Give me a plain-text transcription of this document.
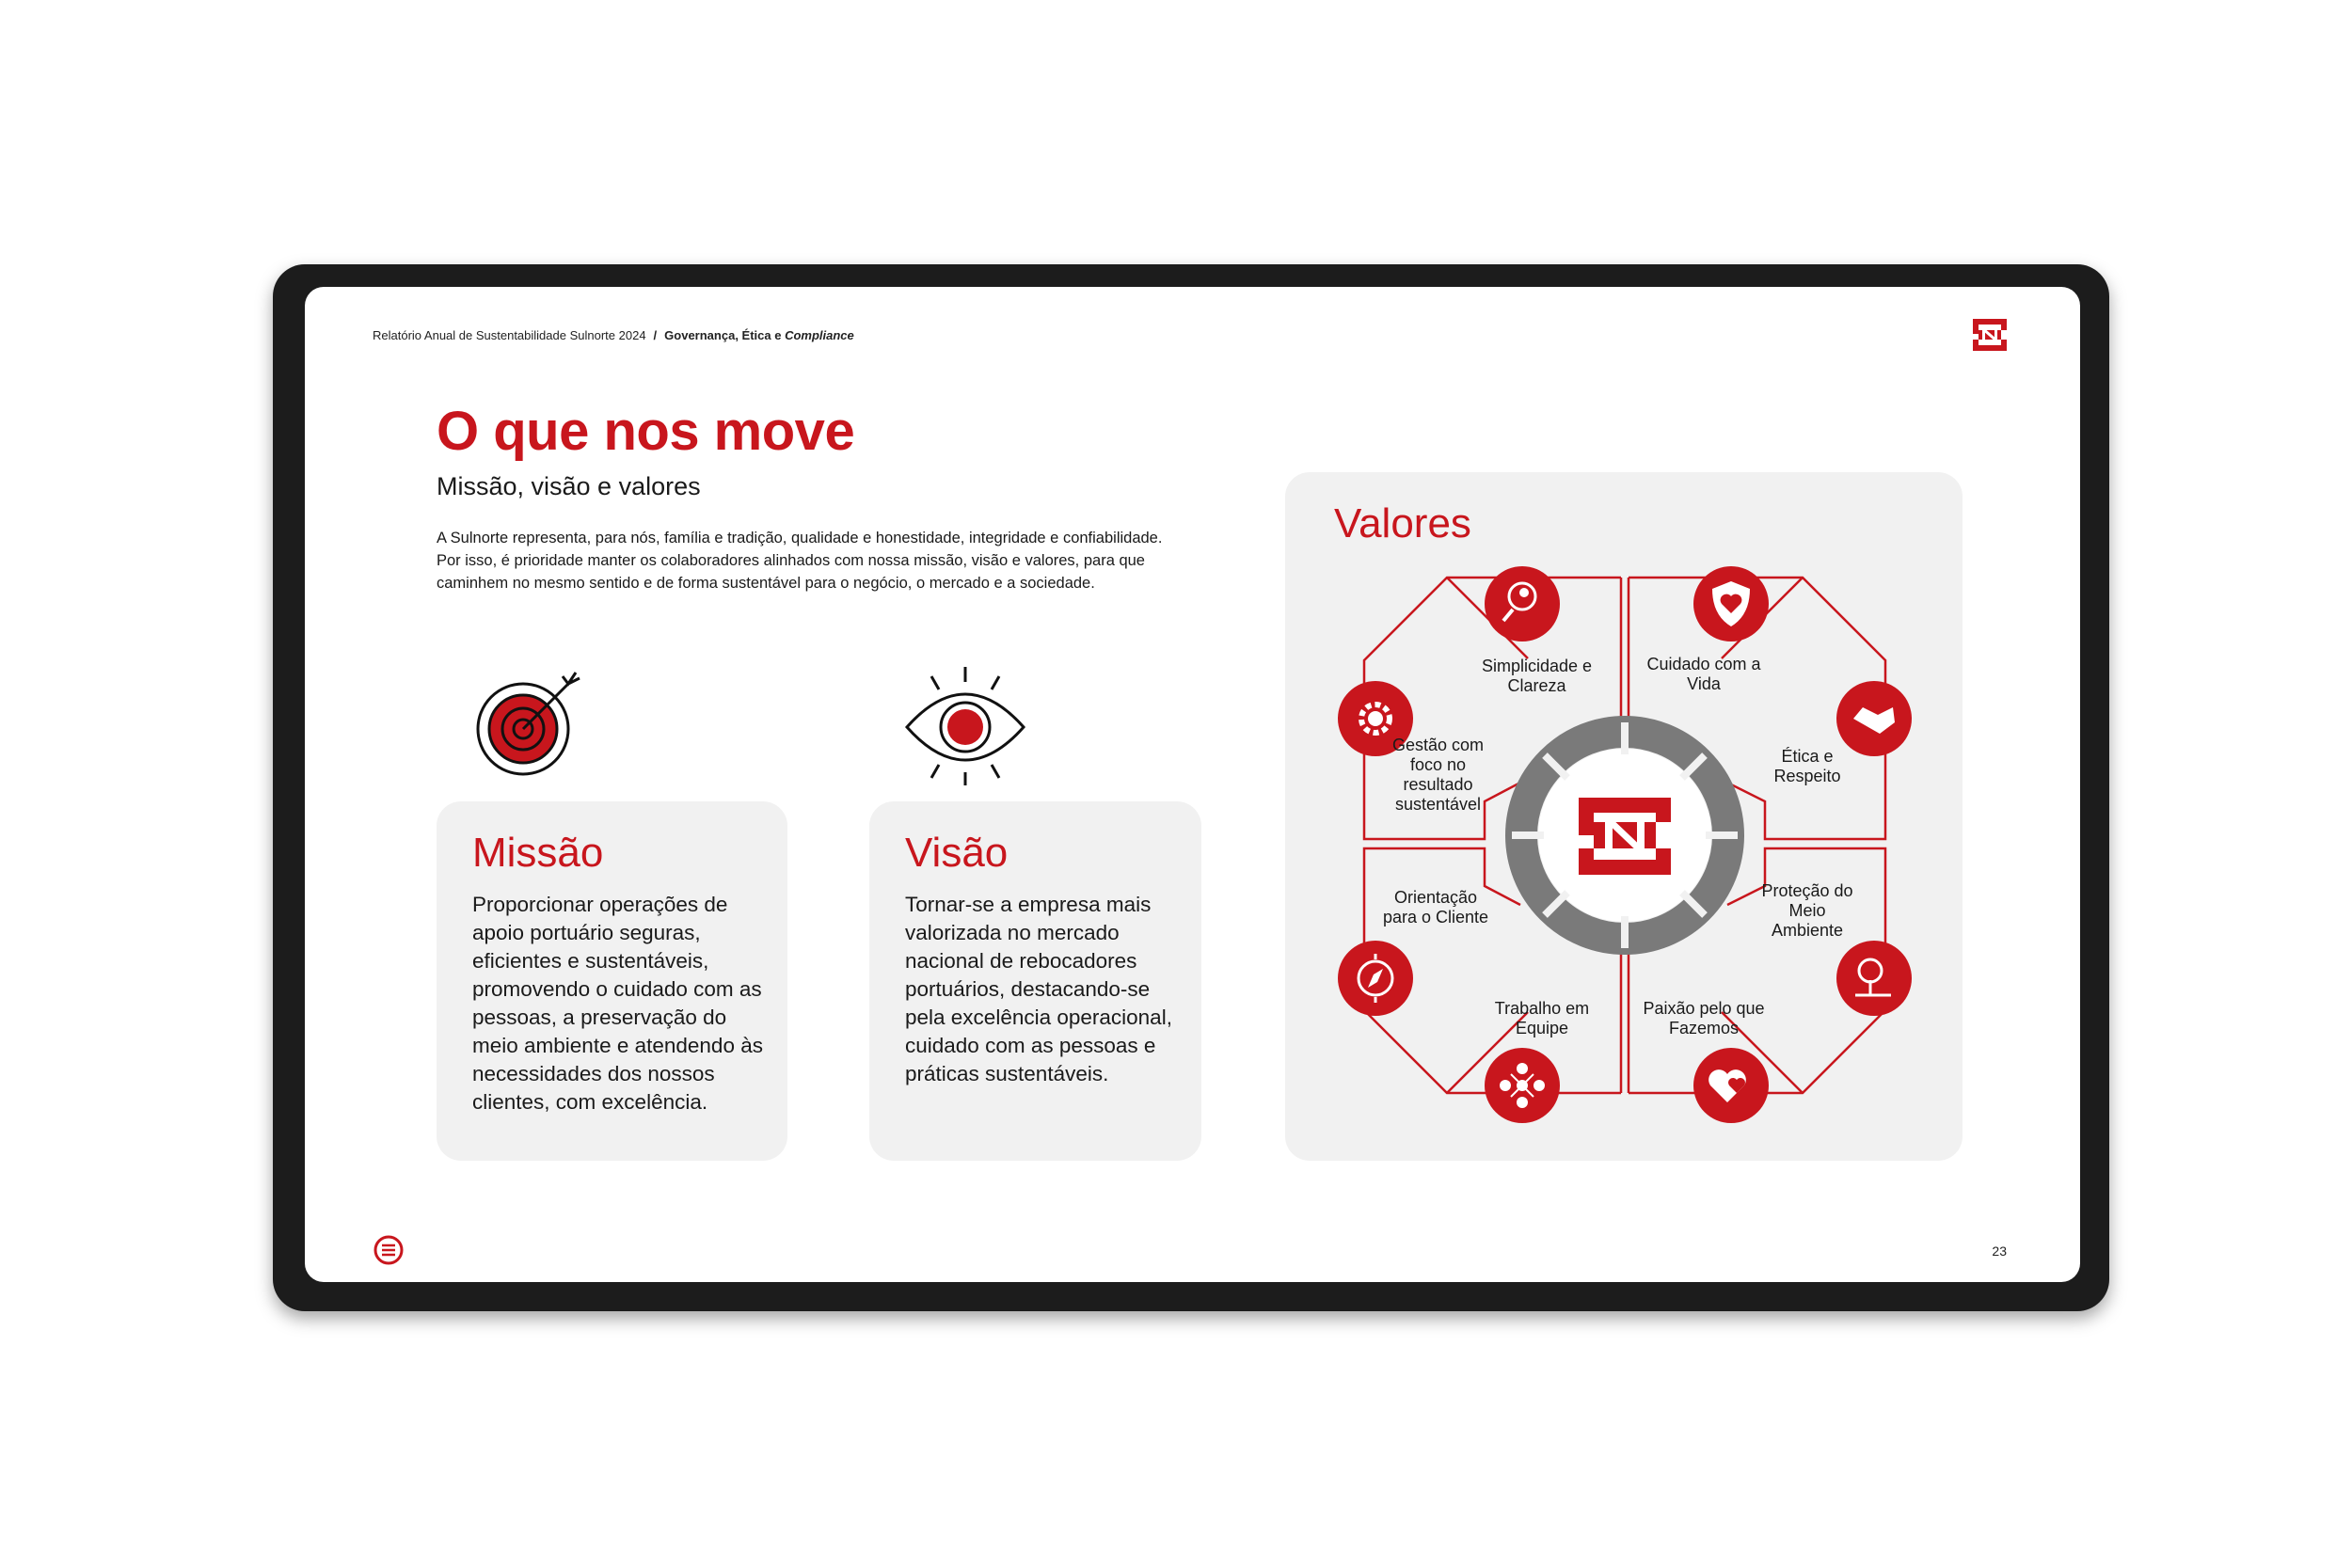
Relatório Anual de Sustentabilidade Sulnorte 2024 / Governança, Ética e Compliance
O que nos move
Missão, visão e valores

A Sulnorte representa, para nós, família e tradição, qualidade e honestidade, integridade e confiabilidade.

Por isso, é prioridade manter os colaboradores alinhados com nossa missão, visão e valores, para que

caminhem no mesmo sentido e de forma sustentável para o negócio, o mercado e a sociedade.

Missão

Proporcionar operações de apoio portuário seguras, eficientes e sustentáveis, promovendo o cuidado com as pessoas, a preservação do meio ambiente e atendendo às necessidades dos nossos clientes, com excelência.

Visão

Tornar-se a empresa mais valorizada no mercado nacional de rebocadores portuários, destacando-se pela excelência operacional, cuidado com as pessoas e práticas sustentáveis.

Valores
Simplicidade e Clareza
Cuidado com a Vida
Ética e Respeito
Proteção do Meio Ambiente
Paixão pelo que Fazemos
Trabalho em Equipe
Orientação para o Cliente
Gestão com foco no resultado sustentável
23
